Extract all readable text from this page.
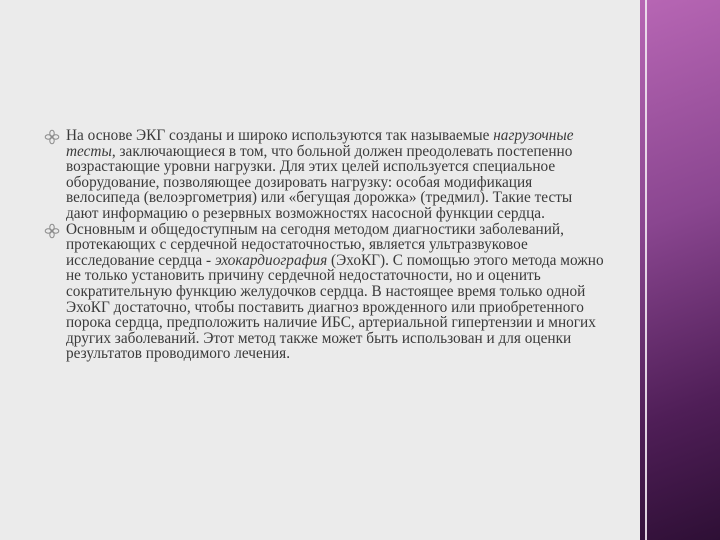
На основе ЭКГ созданы и широко используются так называемые нагрузочные тесты, заключающиеся в том, что больной должен преодолевать постепенно возрастающие уровни нагрузки. Для этих целей используется специальное оборудование, позволяющее дозировать нагрузку: особая модификация велосипеда (велоэргометрия) или «бегущая дорожка» (тредмил). Такие тесты дают информацию о резервных возможностях насосной функции сердца.
Основным и общедоступным на сегодня методом диагностики заболеваний, протекающих с сердечной недостаточностью, является ультразвуковое исследование сердца - эхокардиография (ЭхоКГ). С помощью этого метода можно не только установить причину сердечной недостаточности, но и оценить сократительную функцию желудочков сердца. В настоящее время только одной ЭхоКГ достаточно, чтобы поставить диагноз врожденного или приобретенного порока сердца, предположить наличие ИБС, артериальной гипертензии и многих других заболеваний. Этот метод также может быть использован и для оценки результатов проводимого лечения.
